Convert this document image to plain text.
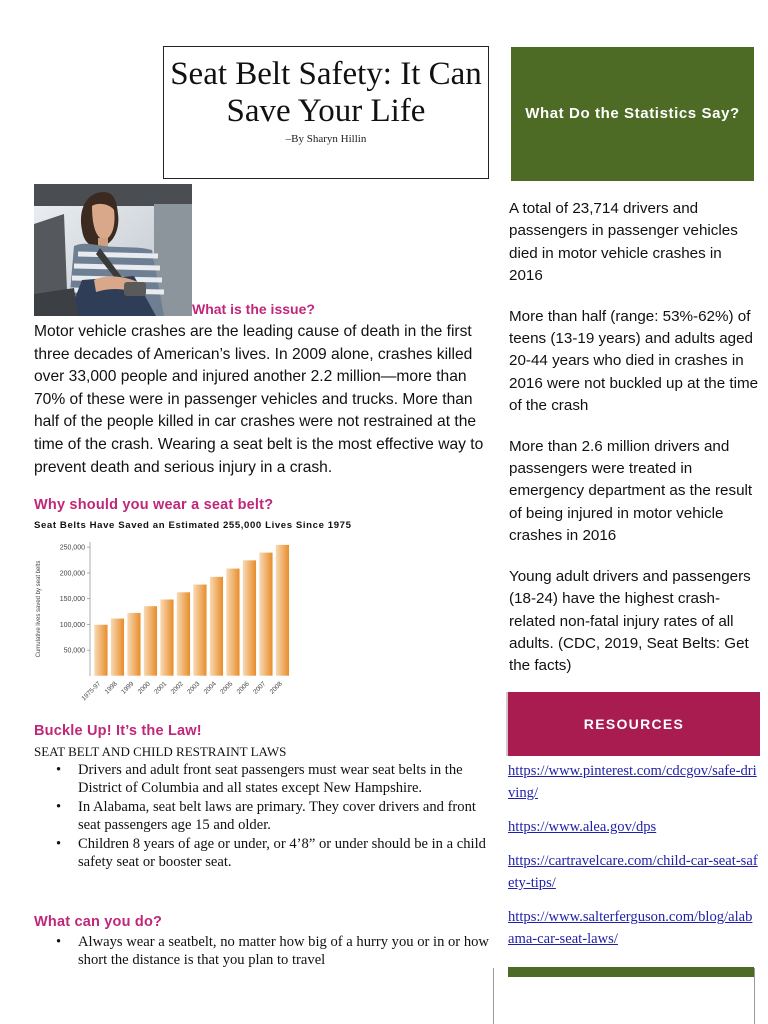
Seat Belt Safety: It Can Save Your Life
–By Sharyn Hillin
What is the issue?
Motor vehicle crashes are the leading cause of death in the first three decades of American’s lives. In 2009 alone, crashes killed over 33,000 people and injured another 2.2 million—more than 70% of these were in passenger vehicles and trucks. More than half of the people killed in car crashes were not restrained at the time of the crash. Wearing a seat belt is the most effective way to prevent death and serious injury in a crash.
Why should you wear a seat belt?
Seat Belts Have Saved an Estimated 255,000 Lives Since 1975
50,000
100,000
150,000
200,000
250,000
Cumulative lives saved by seat belts
1975-97 1998 1999 2000 2001 2002 2003 2004 2005 2006 2007 2008
Buckle Up! It’s the Law!
SEAT BELT AND CHILD RESTRAINT LAWS
• Drivers and adult front seat passengers must wear seat belts in the District of Columbia and all states except New Hampshire.
• In Alabama, seat belt laws are primary. They cover drivers and front seat passengers age 15 and older.
• Children 8 years of age or under, or 4’8” or under should be in a child safety seat or booster seat.
What can you do?
• Always wear a seatbelt, no matter how big of a hurry you or in or how short the distance is that you plan to travel
What Do the Statistics Say?

A total of 23,714 drivers and passengers in passenger vehicles died in motor vehicle crashes in 2016

More than half (range: 53%-62%) of teens (13-19 years) and adults aged 20-44 years who died in crashes in 2016 were not buckled up at the time of the crash

More than 2.6 million drivers and passengers were treated in emergency department as the result of being injured in motor vehicle crashes in 2016

Young adult drivers and passengers (18-24) have the highest crash-related non-fatal injury rates of all adults. (CDC, 2019, Seat Belts: Get the facts)

RESOURCES
https://www.pinterest.com/cdcgov/safe-driving/
https://www.alea.gov/dps
https://cartravelcare.com/child-car-seat-safety-tips/
https://www.salterferguson.com/blog/alabama-car-seat-laws/
